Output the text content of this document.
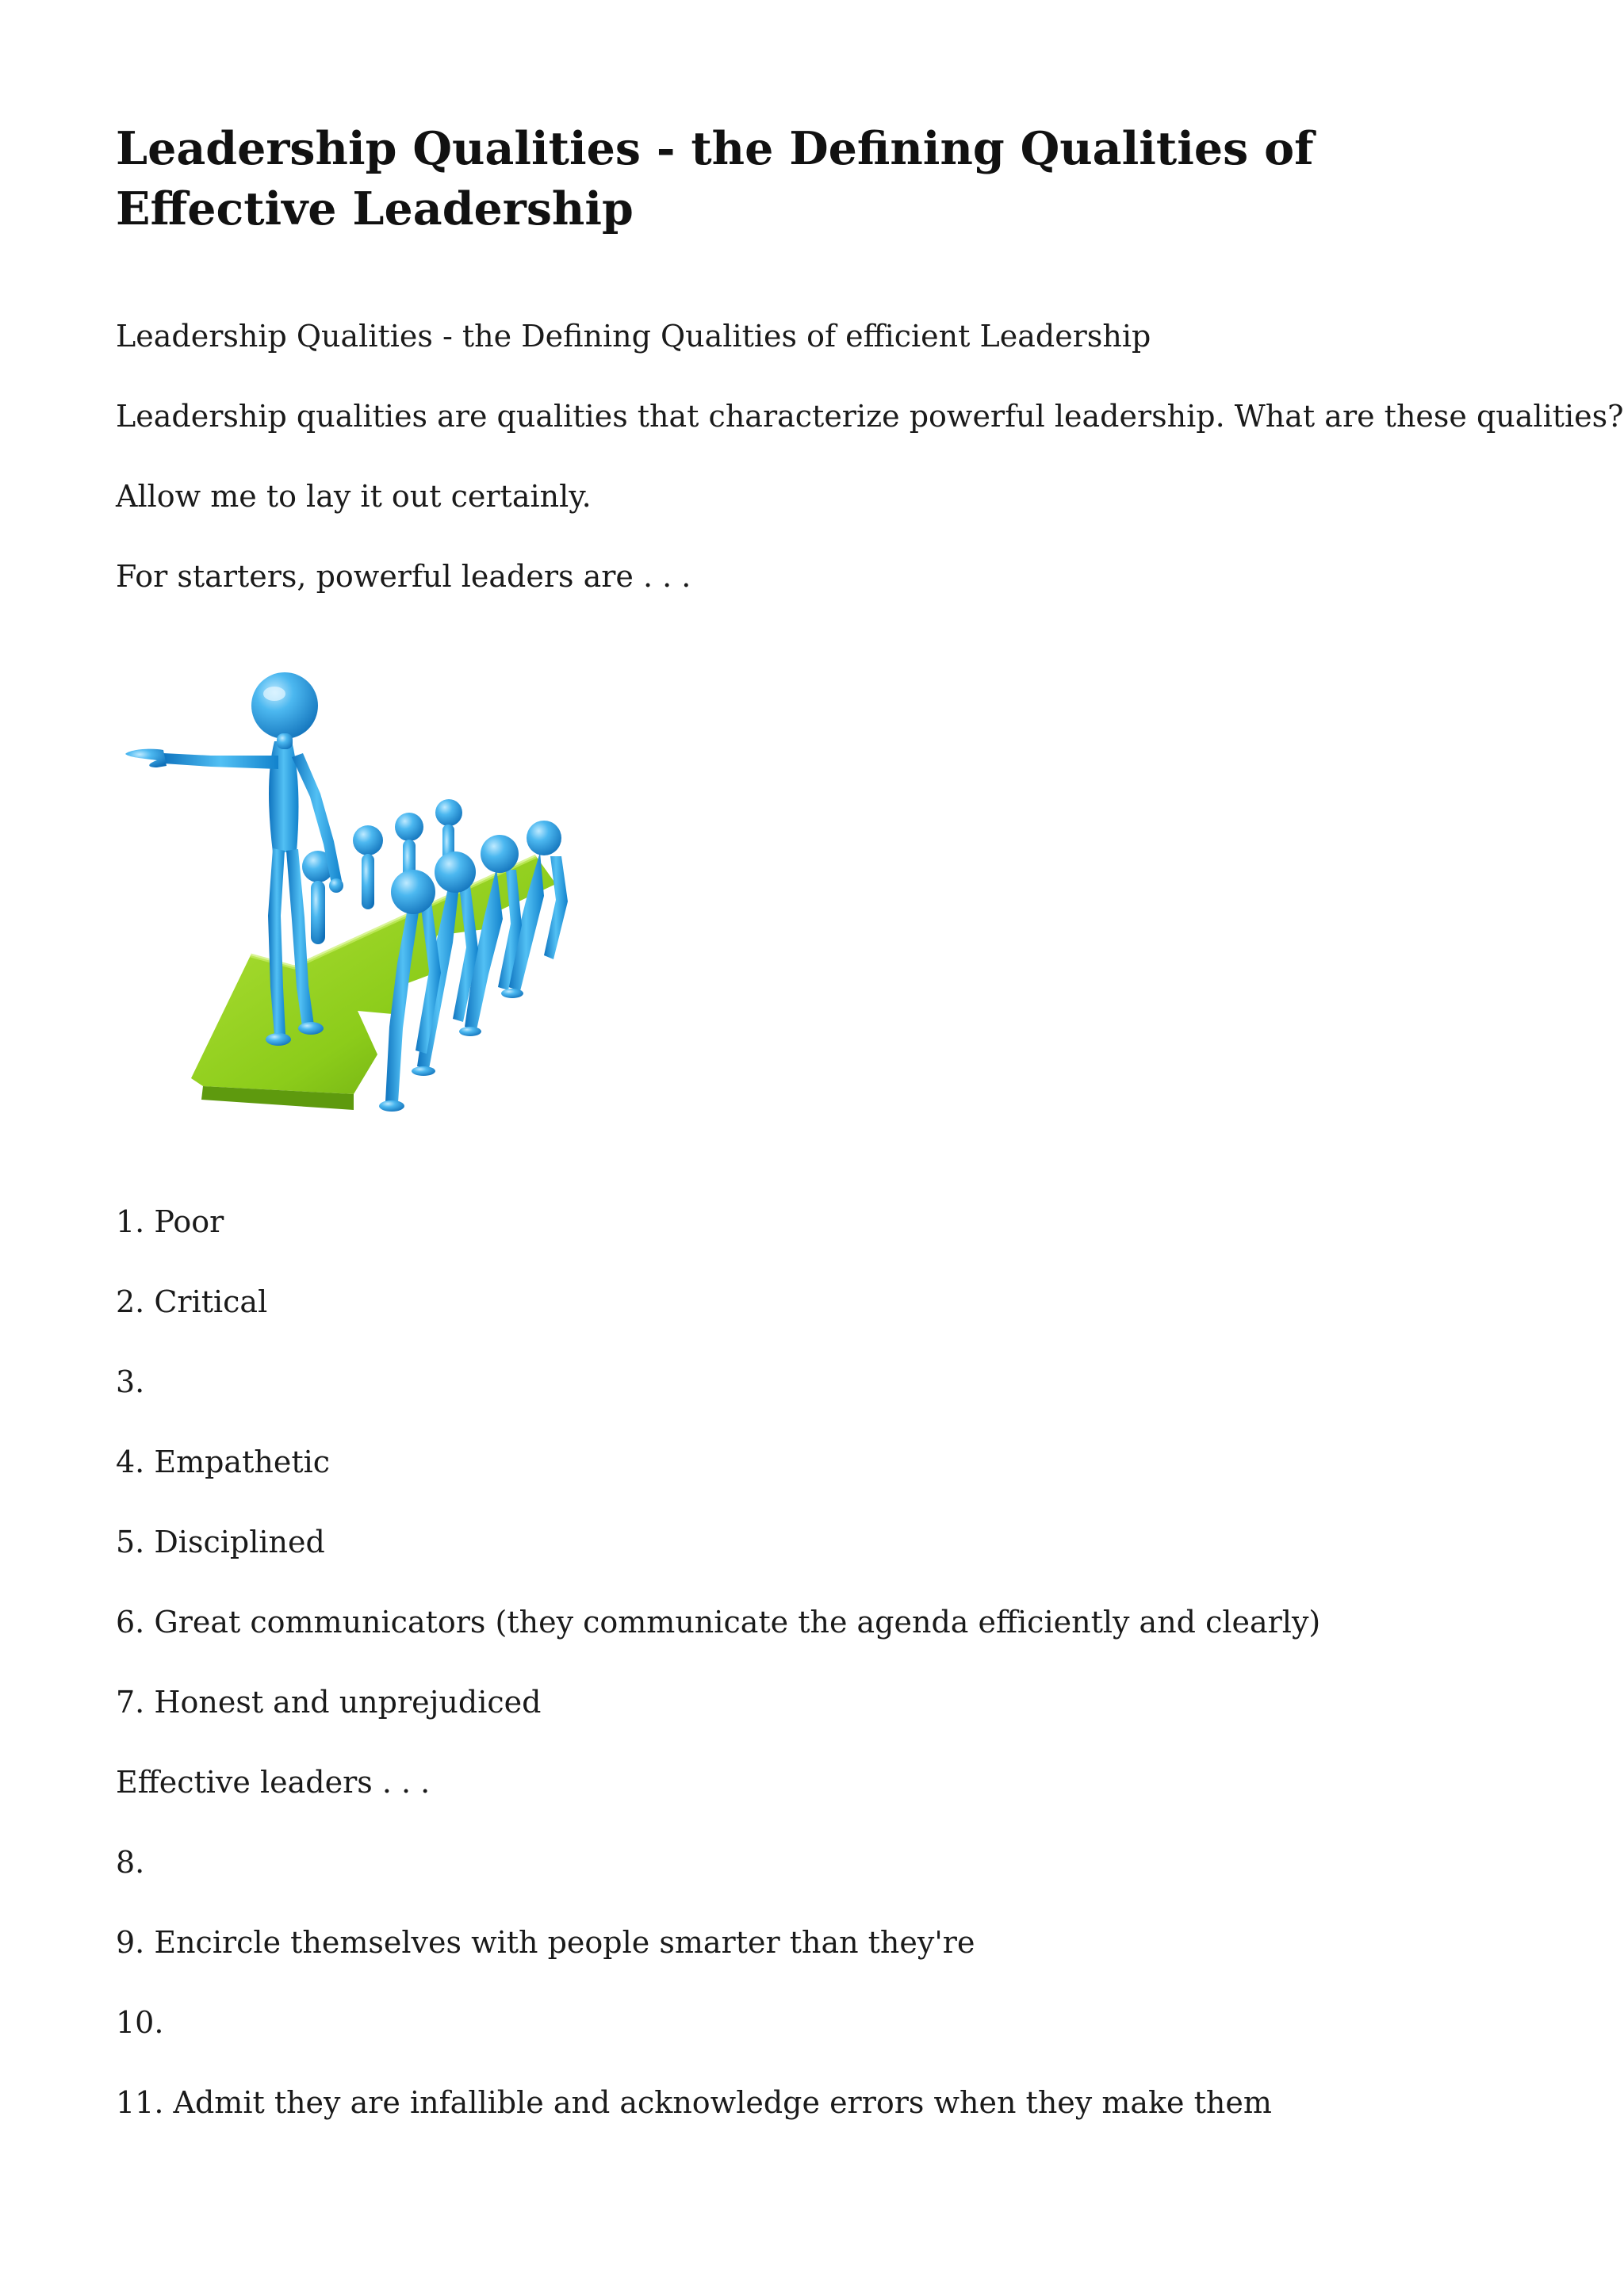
Leadership Qualities - the Defining Qualities of Effective Leadership

Leadership Qualities - the Defining Qualities of efficient Leadership

Leadership qualities are qualities that characterize powerful leadership. What are these qualities?

Allow me to lay it out certainly.

For starters, powerful leaders are . . .

1. Poor

2. Critical

3.

4. Empathetic

5. Disciplined

6. Great communicators (they communicate the agenda efficiently and clearly)

7. Honest and unprejudiced

Effective leaders . . .

8.

9. Encircle themselves with people smarter than they're

10.

11. Admit they are infallible and acknowledge errors when they make them
